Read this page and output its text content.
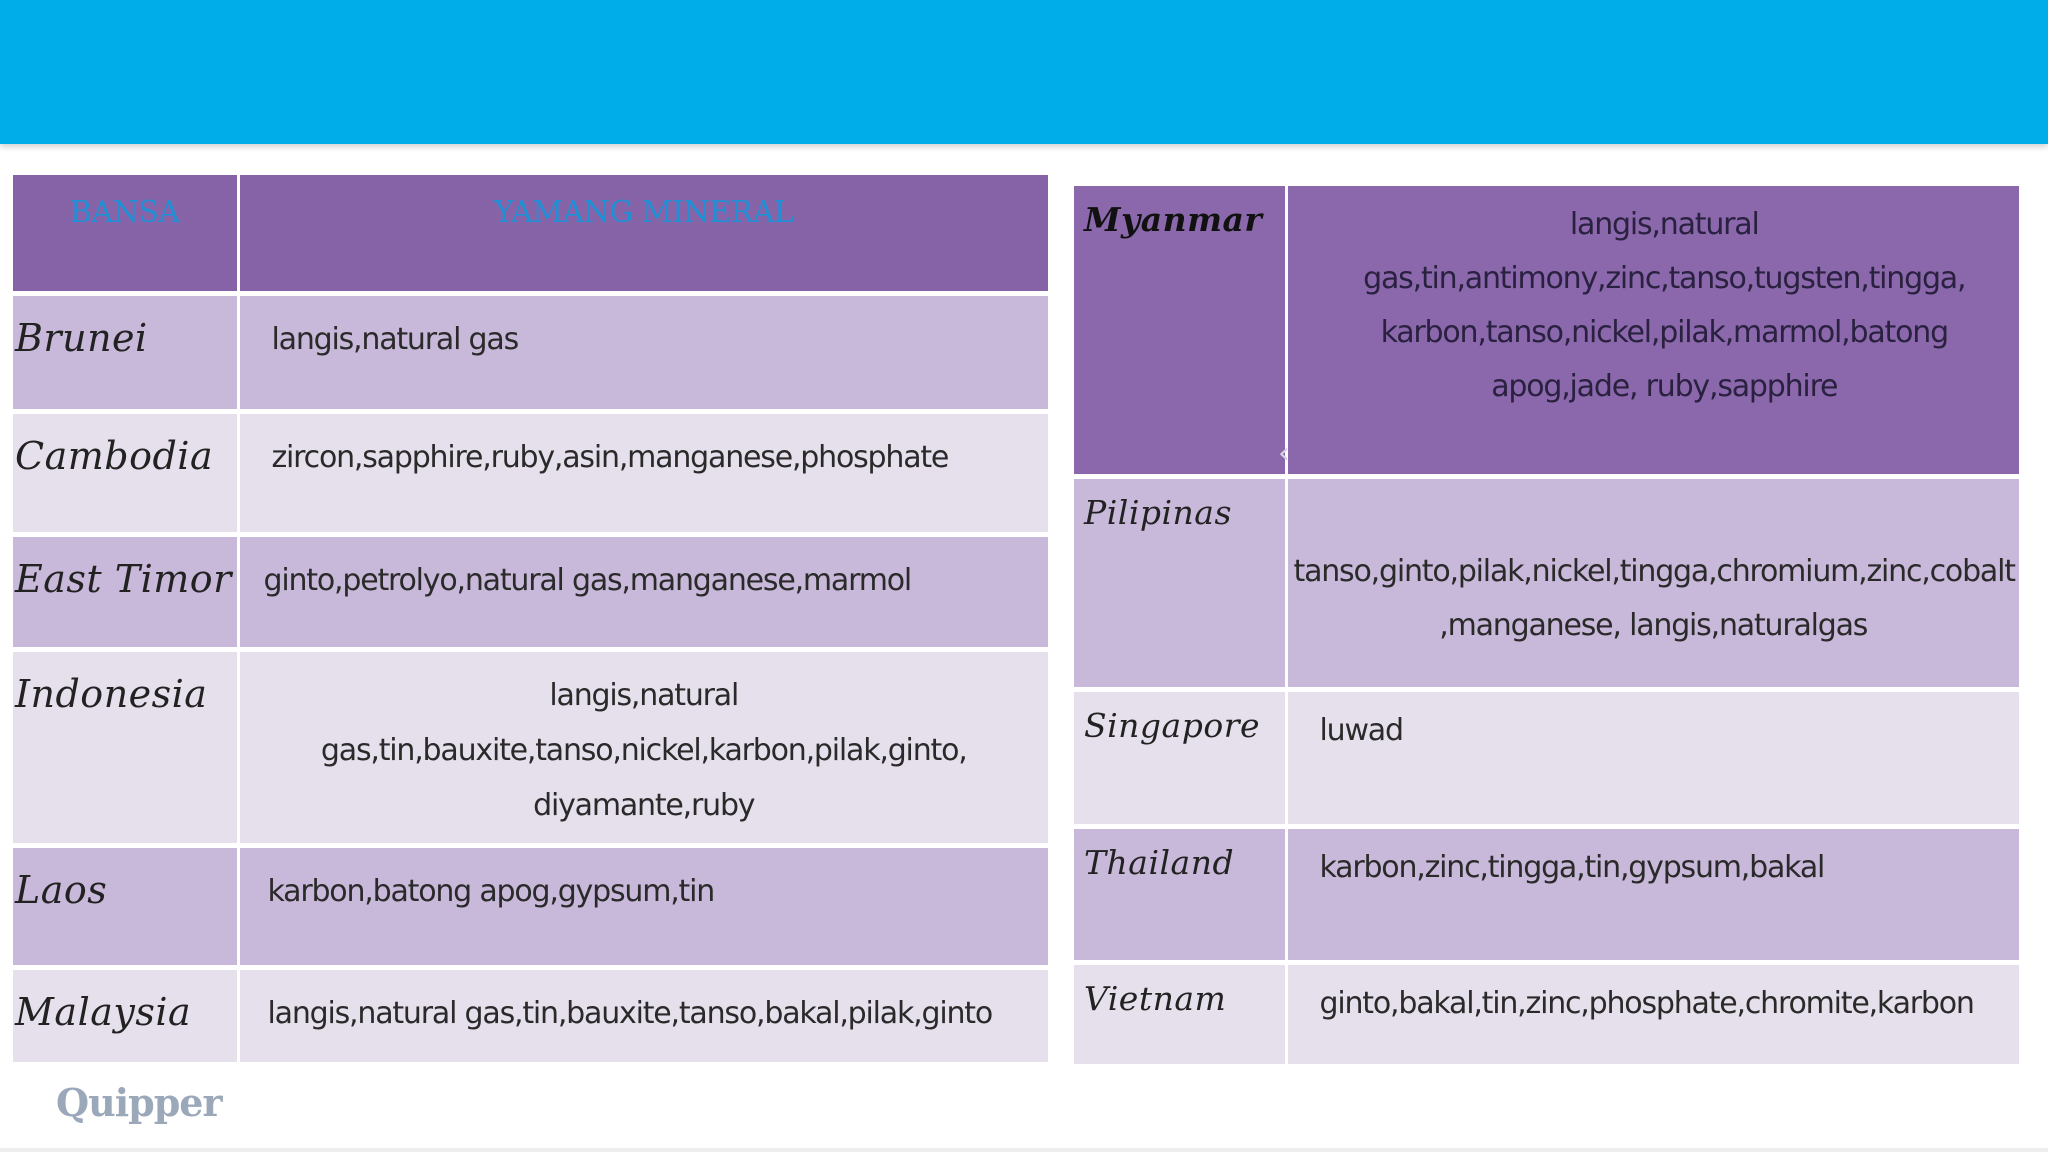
BANSA	YAMANG MINERAL
Brunei	langis,natural gas
Cambodia	zircon,sapphire,ruby,asin,manganese,phosphate
East Timor	ginto,petrolyo,natural gas,manganese,marmol
Indonesia	langis,natural gas,tin,bauxite,tanso,nickel,karbon,pilak,ginto, diyamante,ruby
Laos	karbon,batong apog,gypsum,tin
Malaysia	langis,natural gas,tin,bauxite,tanso,bakal,pilak,ginto
Myanmar	langis,natural gas,tin,antimony,zinc,tanso,tugsten,tingga, karbon,tanso,nickel,pilak,marmol,batong apog,jade, ruby,sapphire
Pilipinas	tanso,ginto,pilak,nickel,tingga,chromium,zinc,cobalt ,manganese, langis,naturalgas
Singapore	luwad
Thailand	karbon,zinc,tingga,tin,gypsum,bakal
Vietnam	ginto,bakal,tin,zinc,phosphate,chromite,karbon
‹
Quipper
